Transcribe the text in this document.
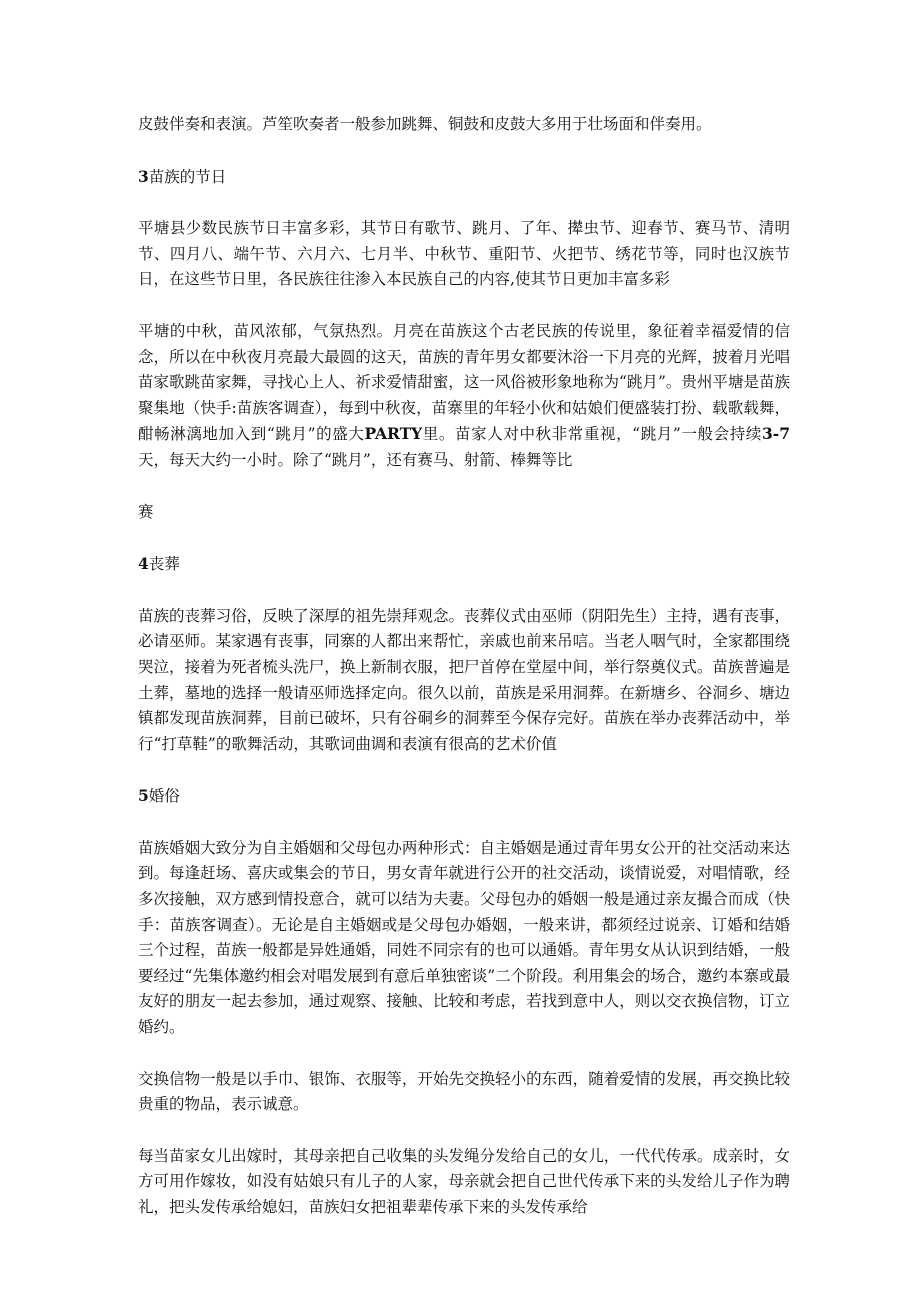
皮鼓伴奏和表演。芦笙吹奏者一般参加跳舞、铜鼓和皮鼓大多用于壮场面和伴奏用。

3苗族的节日

平塘县少数民族节日丰富多彩，其节日有歌节、跳月、了年、撵虫节、迎春节、赛马节、清明节、四月八、端午节、六月六、七月半、中秋节、重阳节、火把节、绣花节等，同时也汉族节日，在这些节日里，各民族往往渗入本民族自己的内容,使其节日更加丰富多彩

平塘的中秋，苗风浓郁，气氛热烈。月亮在苗族这个古老民族的传说里，象征着幸福爱情的信念，所以在中秋夜月亮最大最圆的这天，苗族的青年男女都要沐浴一下月亮的光辉，披着月光唱苗家歌跳苗家舞，寻找心上人、祈求爱情甜蜜，这一风俗被形象地称为“跳月”。贵州平塘是苗族聚集地（快手:苗族客调查），每到中秋夜，苗寨里的年轻小伙和姑娘们便盛装打扮、载歌载舞，酣畅淋漓地加入到“跳月”的盛大PARTY里。苗家人对中秋非常重视，“跳月”一般会持续3-7天，每天大约一小时。除了“跳月”，还有赛马、射箭、棒舞等比

赛

4丧葬

苗族的丧葬习俗，反映了深厚的祖先崇拜观念。丧葬仪式由巫师（阴阳先生）主持，遇有丧事，必请巫师。某家遇有丧事，同寨的人都出来帮忙，亲戚也前来吊唁。当老人咽气时，全家都围绕哭泣，接着为死者梳头洗尸，换上新制衣服，把尸首停在堂屋中间，举行祭奠仪式。苗族普遍是土葬，墓地的选择一般请巫师选择定向。很久以前，苗族是采用洞葬。在新塘乡、谷洞乡、塘边镇都发现苗族洞葬，目前已破坏，只有谷硐乡的洞葬至今保存完好。苗族在举办丧葬活动中，举行“打草鞋”的歌舞活动，其歌词曲调和表演有很高的艺术价值

5婚俗

苗族婚姻大致分为自主婚姻和父母包办两种形式：自主婚姻是通过青年男女公开的社交活动来达到。每逢赶场、喜庆或集会的节日，男女青年就进行公开的社交活动，谈情说爱，对唱情歌，经多次接触，双方感到情投意合，就可以结为夫妻。父母包办的婚姻一般是通过亲友撮合而成（快手：苗族客调查）。无论是自主婚姻或是父母包办婚姻，一般来讲，都须经过说亲、订婚和结婚三个过程，苗族一般都是异姓通婚，同姓不同宗有的也可以通婚。青年男女从认识到结婚，一般要经过“先集体邀约相会对唱发展到有意后单独密谈”二个阶段。利用集会的场合，邀约本寨或最友好的朋友一起去参加，通过观察、接触、比较和考虑，若找到意中人，则以交衣换信物，订立婚约。

交换信物一般是以手巾、银饰、衣服等，开始先交换轻小的东西，随着爱情的发展，再交换比较贵重的物品，表示诚意。

每当苗家女儿出嫁时，其母亲把自己收集的头发绳分发给自己的女儿，一代代传承。成亲时，女方可用作嫁妆，如没有姑娘只有儿子的人家，母亲就会把自己世代传承下来的头发给儿子作为聘礼，把头发传承给媳妇，苗族妇女把祖辈辈传承下来的头发传承给
